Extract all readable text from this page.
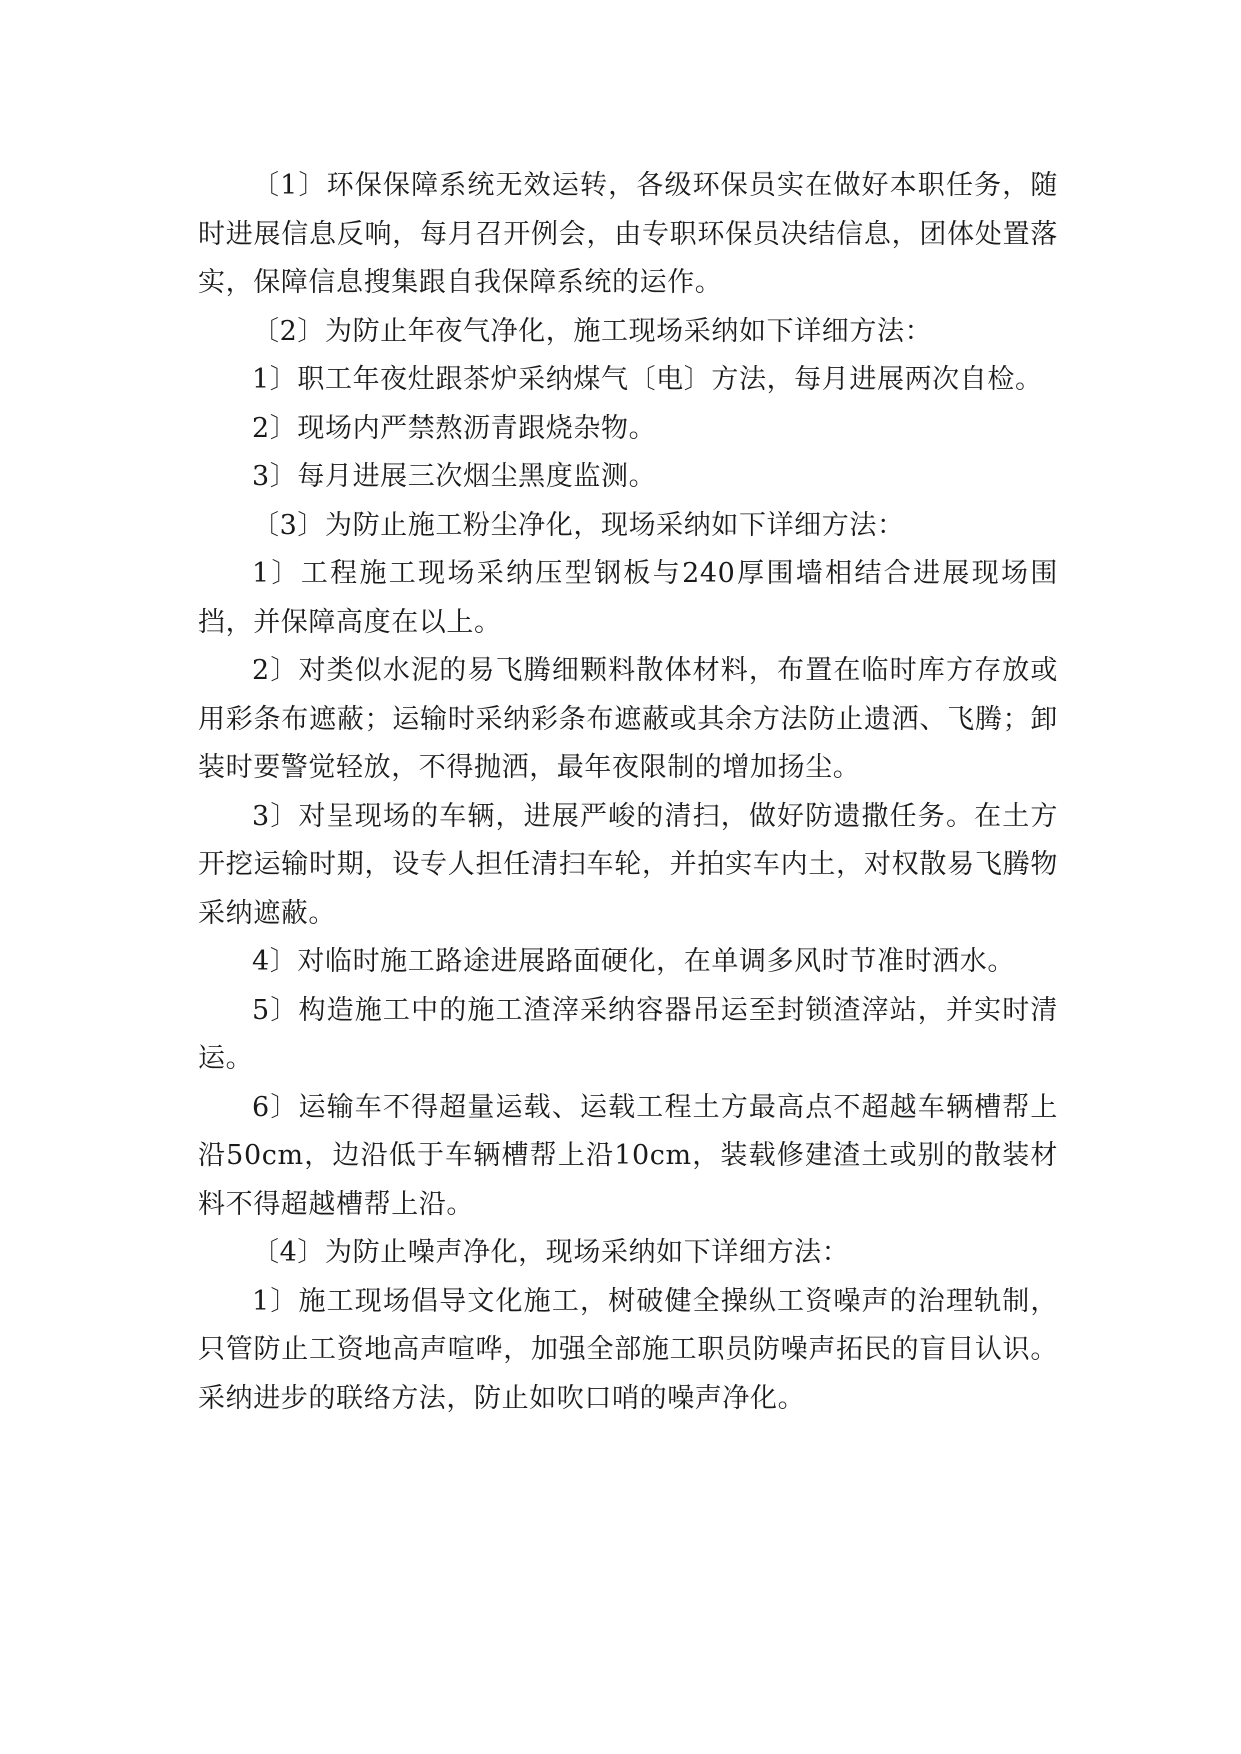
〔1〕环保保障系统无效运转，各级环保员实在做好本职任务，随时进展信息反响，每月召开例会，由专职环保员决结信息，团体处置落实，保障信息搜集跟自我保障系统的运作。

〔2〕为防止年夜气净化，施工现场采纳如下详细方法：

1〕职工年夜灶跟茶炉采纳煤气〔电〕方法，每月进展两次自检。

2〕现场内严禁熬沥青跟烧杂物。

3〕每月进展三次烟尘黑度监测。

〔3〕为防止施工粉尘净化，现场采纳如下详细方法：

1〕工程施工现场采纳压型钢板与240厚围墙相结合进展现场围挡，并保障高度在以上。

2〕对类似水泥的易飞腾细颗料散体材料，布置在临时库方存放或用彩条布遮蔽；运输时采纳彩条布遮蔽或其余方法防止遗洒、飞腾；卸装时要警觉轻放，不得抛洒，最年夜限制的增加扬尘。

3〕对呈现场的车辆，进展严峻的清扫，做好防遗撒任务。在土方开挖运输时期，设专人担任清扫车轮，并拍实车内土，对权散易飞腾物采纳遮蔽。

4〕对临时施工路途进展路面硬化，在单调多风时节准时洒水。

5〕构造施工中的施工渣滓采纳容器吊运至封锁渣滓站，并实时清运。

6〕运输车不得超量运载、运载工程土方最高点不超越车辆槽帮上沿50cm，边沿低于车辆槽帮上沿10cm，装载修建渣土或别的散装材料不得超越槽帮上沿。

〔4〕为防止噪声净化，现场采纳如下详细方法：

1〕施工现场倡导文化施工，树破健全操纵工资噪声的治理轨制，只管防止工资地高声喧哗，加强全部施工职员防噪声拓民的盲目认识。采纳进步的联络方法，防止如吹口哨的噪声净化。
